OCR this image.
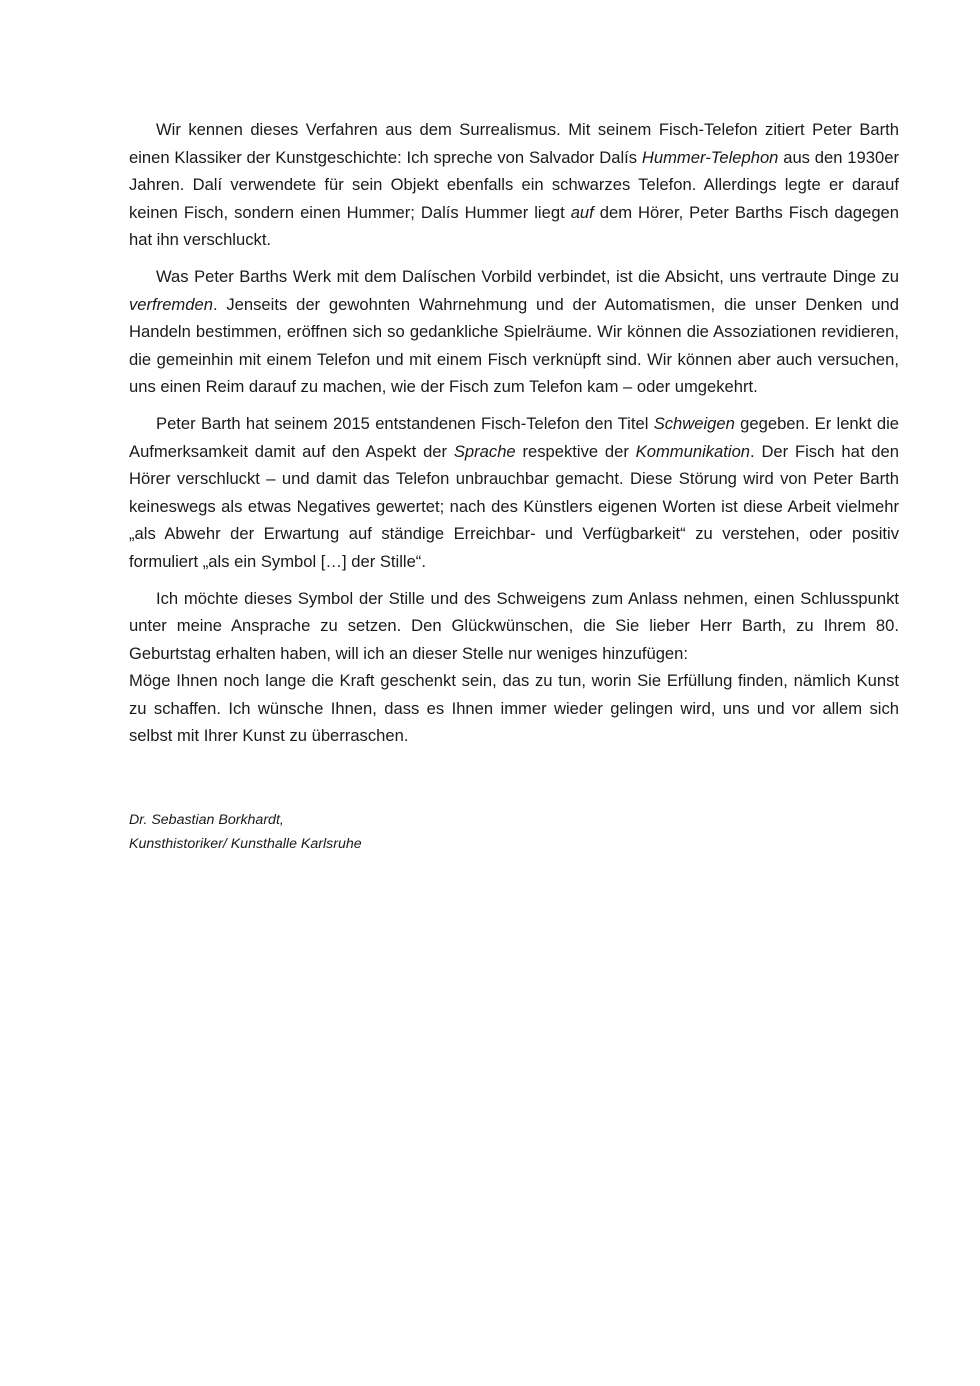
Wir kennen dieses Verfahren aus dem Surrealismus. Mit seinem Fisch-Telefon zitiert Peter Barth einen Klassiker der Kunstgeschichte: Ich spreche von Salvador Dalís Hummer-Telephon aus den 1930er Jahren. Dalí verwendete für sein Objekt ebenfalls ein schwarzes Telefon. Allerdings legte er darauf keinen Fisch, sondern einen Hummer; Dalís Hummer liegt auf dem Hörer, Peter Barths Fisch dagegen hat ihn verschluckt.

Was Peter Barths Werk mit dem Dalíschen Vorbild verbindet, ist die Absicht, uns vertraute Dinge zu verfremden. Jenseits der gewohnten Wahrnehmung und der Automatismen, die unser Denken und Handeln bestimmen, eröffnen sich so gedankliche Spielräume. Wir können die Assoziationen revidieren, die gemeinhin mit einem Telefon und mit einem Fisch verknüpft sind. Wir können aber auch versuchen, uns einen Reim darauf zu machen, wie der Fisch zum Telefon kam – oder umgekehrt.

Peter Barth hat seinem 2015 entstandenen Fisch-Telefon den Titel Schweigen gegeben. Er lenkt die Aufmerksamkeit damit auf den Aspekt der Sprache respektive der Kommunikation. Der Fisch hat den Hörer verschluckt – und damit das Telefon unbrauchbar gemacht. Diese Störung wird von Peter Barth keineswegs als etwas Negatives gewertet; nach des Künstlers eigenen Worten ist diese Arbeit vielmehr „als Abwehr der Erwartung auf ständige Erreichbar- und Verfügbarkeit“ zu verstehen, oder positiv formuliert „als ein Symbol […] der Stille“.

Ich möchte dieses Symbol der Stille und des Schweigens zum Anlass nehmen, einen Schlusspunkt unter meine Ansprache zu setzen. Den Glückwünschen, die Sie lieber Herr Barth, zu Ihrem 80. Geburtstag erhalten haben, will ich an dieser Stelle nur weniges hinzufügen:

Möge Ihnen noch lange die Kraft geschenkt sein, das zu tun, worin Sie Erfüllung finden, nämlich Kunst zu schaffen. Ich wünsche Ihnen, dass es Ihnen immer wieder gelingen wird, uns und vor allem sich selbst mit Ihrer Kunst zu überraschen.

Dr. Sebastian Borkhardt,
Kunsthistoriker/ Kunsthalle Karlsruhe
